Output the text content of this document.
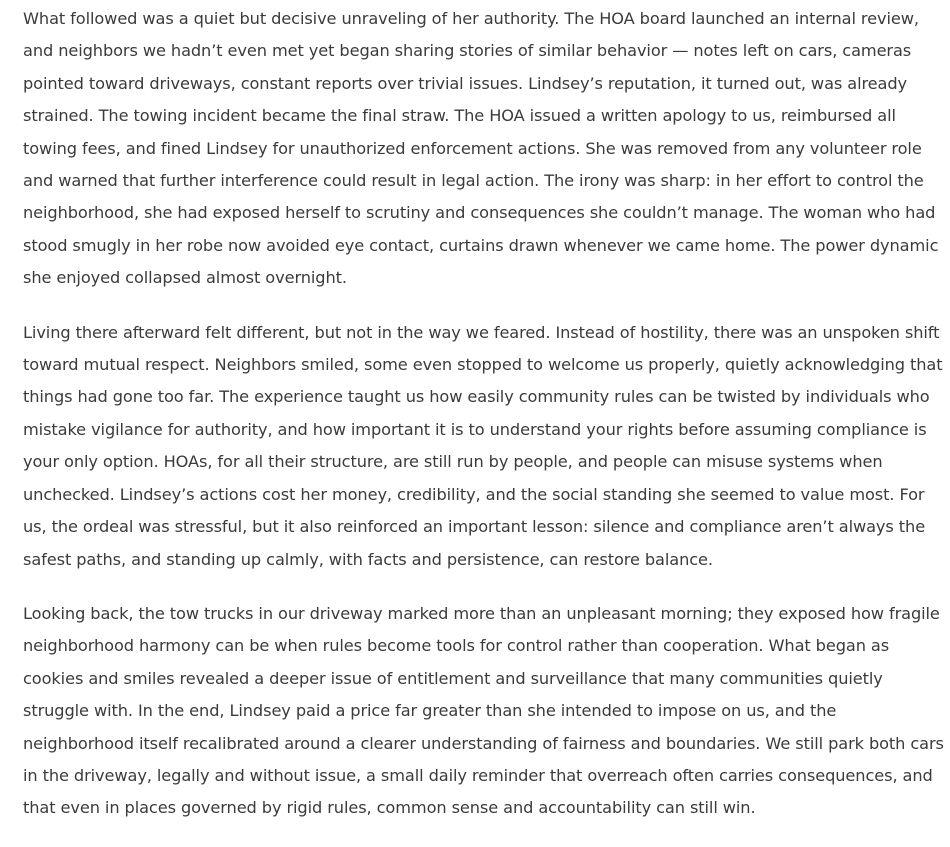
What followed was a quiet but decisive unraveling of her authority. The HOA board launched an internal review, and neighbors we hadn’t even met yet began sharing stories of similar behavior — notes left on cars, cameras pointed toward driveways, constant reports over trivial issues. Lindsey’s reputation, it turned out, was already strained. The towing incident became the final straw. The HOA issued a written apology to us, reimbursed all towing fees, and fined Lindsey for unauthorized enforcement actions. She was removed from any volunteer role and warned that further interference could result in legal action. The irony was sharp: in her effort to control the neighborhood, she had exposed herself to scrutiny and consequences she couldn’t manage. The woman who had stood smugly in her robe now avoided eye contact, curtains drawn whenever we came home. The power dynamic she enjoyed collapsed almost overnight.

Living there afterward felt different, but not in the way we feared. Instead of hostility, there was an unspoken shift toward mutual respect. Neighbors smiled, some even stopped to welcome us properly, quietly acknowledging that things had gone too far. The experience taught us how easily community rules can be twisted by individuals who mistake vigilance for authority, and how important it is to understand your rights before assuming compliance is your only option. HOAs, for all their structure, are still run by people, and people can misuse systems when unchecked. Lindsey’s actions cost her money, credibility, and the social standing she seemed to value most. For us, the ordeal was stressful, but it also reinforced an important lesson: silence and compliance aren’t always the safest paths, and standing up calmly, with facts and persistence, can restore balance.

Looking back, the tow trucks in our driveway marked more than an unpleasant morning; they exposed how fragile neighborhood harmony can be when rules become tools for control rather than cooperation. What began as cookies and smiles revealed a deeper issue of entitlement and surveillance that many communities quietly struggle with. In the end, Lindsey paid a price far greater than she intended to impose on us, and the neighborhood itself recalibrated around a clearer understanding of fairness and boundaries. We still park both cars in the driveway, legally and without issue, a small daily reminder that overreach often carries consequences, and that even in places governed by rigid rules, common sense and accountability can still win.
